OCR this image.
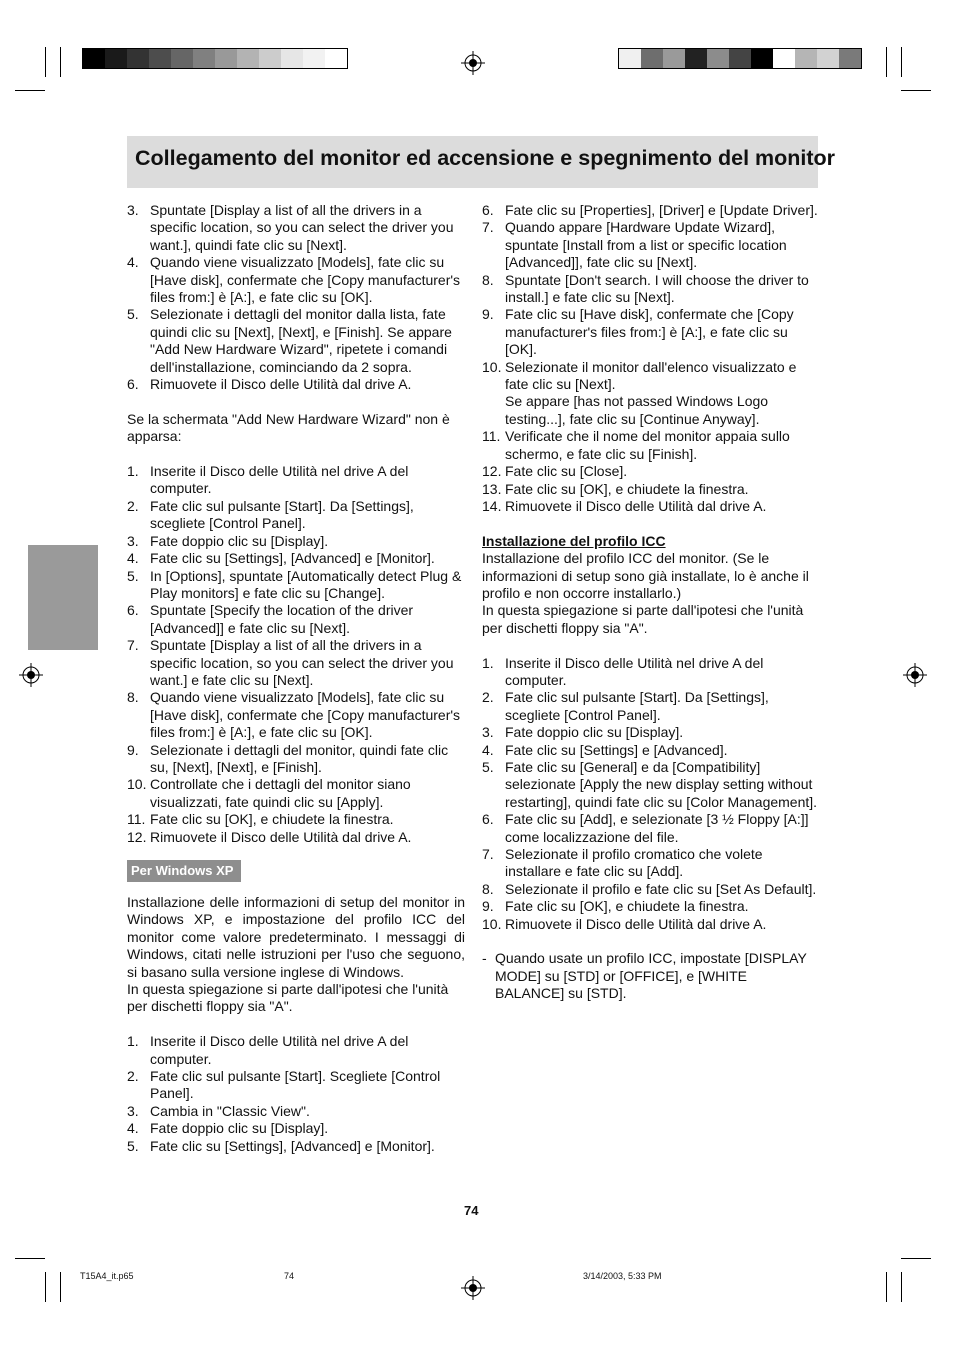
Collegamento del monitor ed accensione e spegnimento del monitor
3. Spuntate [Display a list of all the drivers in a specific location, so you can select the driver you want.], quindi fate clic su [Next].
4. Quando viene visualizzato [Models], fate clic su [Have disk], confermate che [Copy manufacturer's files from:] è [A:], e fate clic su [OK].
5. Selezionate i dettagli del monitor dalla lista, fate quindi clic su [Next], [Next], e [Finish]. Se appare "Add New Hardware Wizard", ripetete i comandi dell'installazione, cominciando da 2 sopra.
6. Rimuovete il Disco delle Utilità dal drive A.

Se la schermata "Add New Hardware Wizard" non è apparsa:

1. Inserite il Disco delle Utilità nel drive A del computer.
2. Fate clic sul pulsante [Start]. Da [Settings], scegliete [Control Panel].
3. Fate doppio clic su [Display].
4. Fate clic su [Settings], [Advanced] e [Monitor].
5. In [Options], spuntate [Automatically detect Plug & Play monitors] e fate clic su [Change].
6. Spuntate [Specify the location of the driver [Advanced]] e fate clic su [Next].
7. Spuntate [Display a list of all the drivers in a specific location, so you can select the driver you want.] e fate clic su [Next].
8. Quando viene visualizzato [Models], fate clic su [Have disk], confermate che [Copy manufacturer's files from:] è [A:], e fate clic su [OK].
9. Selezionate i dettagli del monitor, quindi fate clic su, [Next], [Next], e [Finish].
10. Controllate che i dettagli del monitor siano visualizzati, fate quindi clic su [Apply].
11. Fate clic su [OK], e chiudete la finestra.
12. Rimuovete il Disco delle Utilità dal drive A.
Per Windows XP

Installazione delle informazioni di setup del monitor in Windows XP, e impostazione del profilo ICC del monitor come valore predeterminato. I messaggi di Windows, citati nelle istruzioni per l'uso che seguono, si basano sulla versione inglese di Windows.

In questa spiegazione si parte dall'ipotesi che l'unità per dischetti floppy sia "A".

1. Inserite il Disco delle Utilità nel drive A del computer.
2. Fate clic sul pulsante [Start]. Scegliete [Control Panel].
3. Cambia in "Classic View".
4. Fate doppio clic su [Display].
5. Fate clic su [Settings], [Advanced] e [Monitor].
6. Fate clic su [Properties], [Driver] e [Update Driver].
7. Quando appare [Hardware Update Wizard], spuntate [Install from a list or specific location [Advanced]], fate clic su [Next].
8. Spuntate [Don't search. I will choose the driver to install.] e fate clic su [Next].
9. Fate clic su [Have disk], confermate che [Copy manufacturer's files from:] è [A:], e fate clic su [OK].
10. Selezionate il monitor dall'elenco visualizzato e fate clic su [Next].
Se appare [has not passed Windows Logo testing...], fate clic su [Continue Anyway].
11. Verificate che il nome del monitor appaia sullo schermo, e fate clic su [Finish].
12. Fate clic su [Close].
13. Fate clic su [OK], e chiudete la finestra.
14. Rimuovete il Disco delle Utilità dal drive A.
Installazione del profilo ICC

Installazione del profilo ICC del monitor. (Se le informazioni di setup sono già installate, lo è anche il profilo e non occorre installarlo.)

In questa spiegazione si parte dall'ipotesi che l'unità per dischetti floppy sia "A".

1. Inserite il Disco delle Utilità nel drive A del computer.
2. Fate clic sul pulsante [Start]. Da [Settings], scegliete [Control Panel].
3. Fate doppio clic su [Display].
4. Fate clic su [Settings] e [Advanced].
5. Fate clic su [General] e da [Compatibility] selezionate [Apply the new display setting without restarting], quindi fate clic su [Color Management].
6. Fate clic su [Add], e selezionate [3 ½ Floppy [A:]] come localizzazione del file.
7. Selezionate il profilo cromatico che volete installare e fate clic su [Add].
8. Selezionate il profilo e fate clic su [Set As Default].
9. Fate clic su [OK], e chiudete la finestra.
10. Rimuovete il Disco delle Utilità dal drive A.
- Quando usate un profilo ICC, impostate [DISPLAY MODE] su [STD] or [OFFICE], e [WHITE BALANCE] su [STD].
74
T15A4_it.p65	74	3/14/2003, 5:33 PM
